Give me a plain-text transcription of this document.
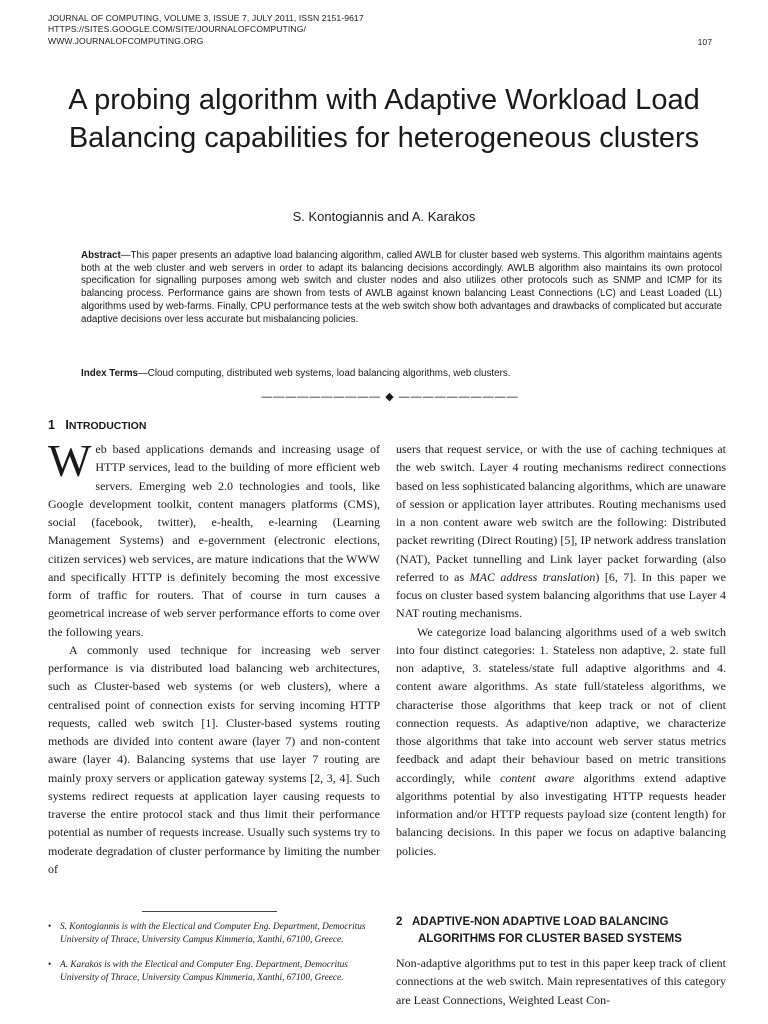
JOURNAL OF COMPUTING, VOLUME 3, ISSUE 7, JULY 2011, ISSN 2151-9617
HTTPS://SITES.GOOGLE.COM/SITE/JOURNALOFCOMPUTING/
WWW.JOURNALOFCOMPUTING.ORG	107
A probing algorithm with Adaptive Workload Load Balancing capabilities for heterogeneous clusters
S. Kontogiannis and A. Karakos
Abstract—This paper presents an adaptive load balancing algorithm, called AWLB for cluster based web systems. This algorithm maintains agents both at the web cluster and web servers in order to adapt its balancing decisions accordingly. AWLB algorithm also maintains its own protocol specification for signalling purposes among web switch and cluster nodes and also utilizes other protocols such as SNMP and ICMP for its balancing process. Performance gains are shown from tests of AWLB against known balancing Least Connections (LC) and Least Loaded (LL) algorithms used by web-farms. Finally, CPU performance tests at the web switch show both advantages and drawbacks of complicated but accurate adaptive decisions over less accurate but misbalancing policies.
Index Terms—Cloud computing, distributed web systems, load balancing algorithms, web clusters.
—————————— ◆ ——————————
1 INTRODUCTION

Web based applications demands and increasing usage of HTTP services, lead to the building of more efficient web servers. Emerging web 2.0 technologies and tools, like Google development toolkit, content managers platforms (CMS), social (facebook, twitter), e-health, e-learning (Learning Management Systems) and e-government (electronic elections, citizen services) web services, are mature indications that the WWW and specifically HTTP is definitely becoming the most excessive form of traffic for routers. That of course in turn causes a geometrical increase of web server performance efforts to come over the following years.

A commonly used technique for increasing web server performance is via distributed load balancing web architectures, such as Cluster-based web systems (or web clusters), where a centralised point of connection exists for serving incoming HTTP requests, called web switch [1]. Cluster-based systems routing methods are divided into content aware (layer 7) and non-content aware (layer 4). Balancing systems that use layer 7 routing are mainly proxy servers or application gateway systems [2, 3, 4]. Such systems redirect requests at application layer causing requests to traverse the entire protocol stack and thus limit their performance potential as number of requests increase. Usually such systems try to moderate degradation of cluster performance by limiting the number of

users that request service, or with the use of caching techniques at the web switch. Layer 4 routing mechanisms redirect connections based on less sophisticated balancing algorithms, which are unaware of session or application layer attributes. Routing mechanisms used in a non content aware web switch are the following: Distributed packet rewriting (Direct Routing) [5], IP network address translation (NAT), Packet tunnelling and Link layer packet forwarding (also referred to as MAC address translation) [6, 7]. In this paper we focus on cluster based system balancing algorithms that use Layer 4 NAT routing mechanisms.

We categorize load balancing algorithms used of a web switch into four distinct categories: 1. Stateless non adaptive, 2. state full non adaptive, 3. stateless/state full adaptive algorithms and 4. content aware algorithms. As state full/stateless algorithms, we characterise those algorithms that keep track or not of client connection requests. As adaptive/non adaptive, we characterize those algorithms that take into account web server status metrics feedback and adapt their behaviour based on metric transitions accordingly, while content aware algorithms extend adaptive algorithms potential by also investigating HTTP requests header information and/or HTTP requests payload size (content length) for balancing decisions. In this paper we focus on adaptive balancing policies.

2 ADAPTIVE-NON ADAPTIVE LOAD BALANCING
ALGORITHMS FOR CLUSTER BASED SYSTEMS
Non-adaptive algorithms put to test in this paper keep track of client connections at the web switch. Main representatives of this category are Least Connections, Weighted Least Con-
• S. Kontogiannis is with the Electical and Computer Eng. Department, Democritus University of Thrace, University Campus Kimmeria, Xanthi, 67100, Greece.
• A. Karakos is with the Electical and Computer Eng. Department, Democritus University of Thrace, University Campus Kimmeria, Xanthi, 67100, Greece.
